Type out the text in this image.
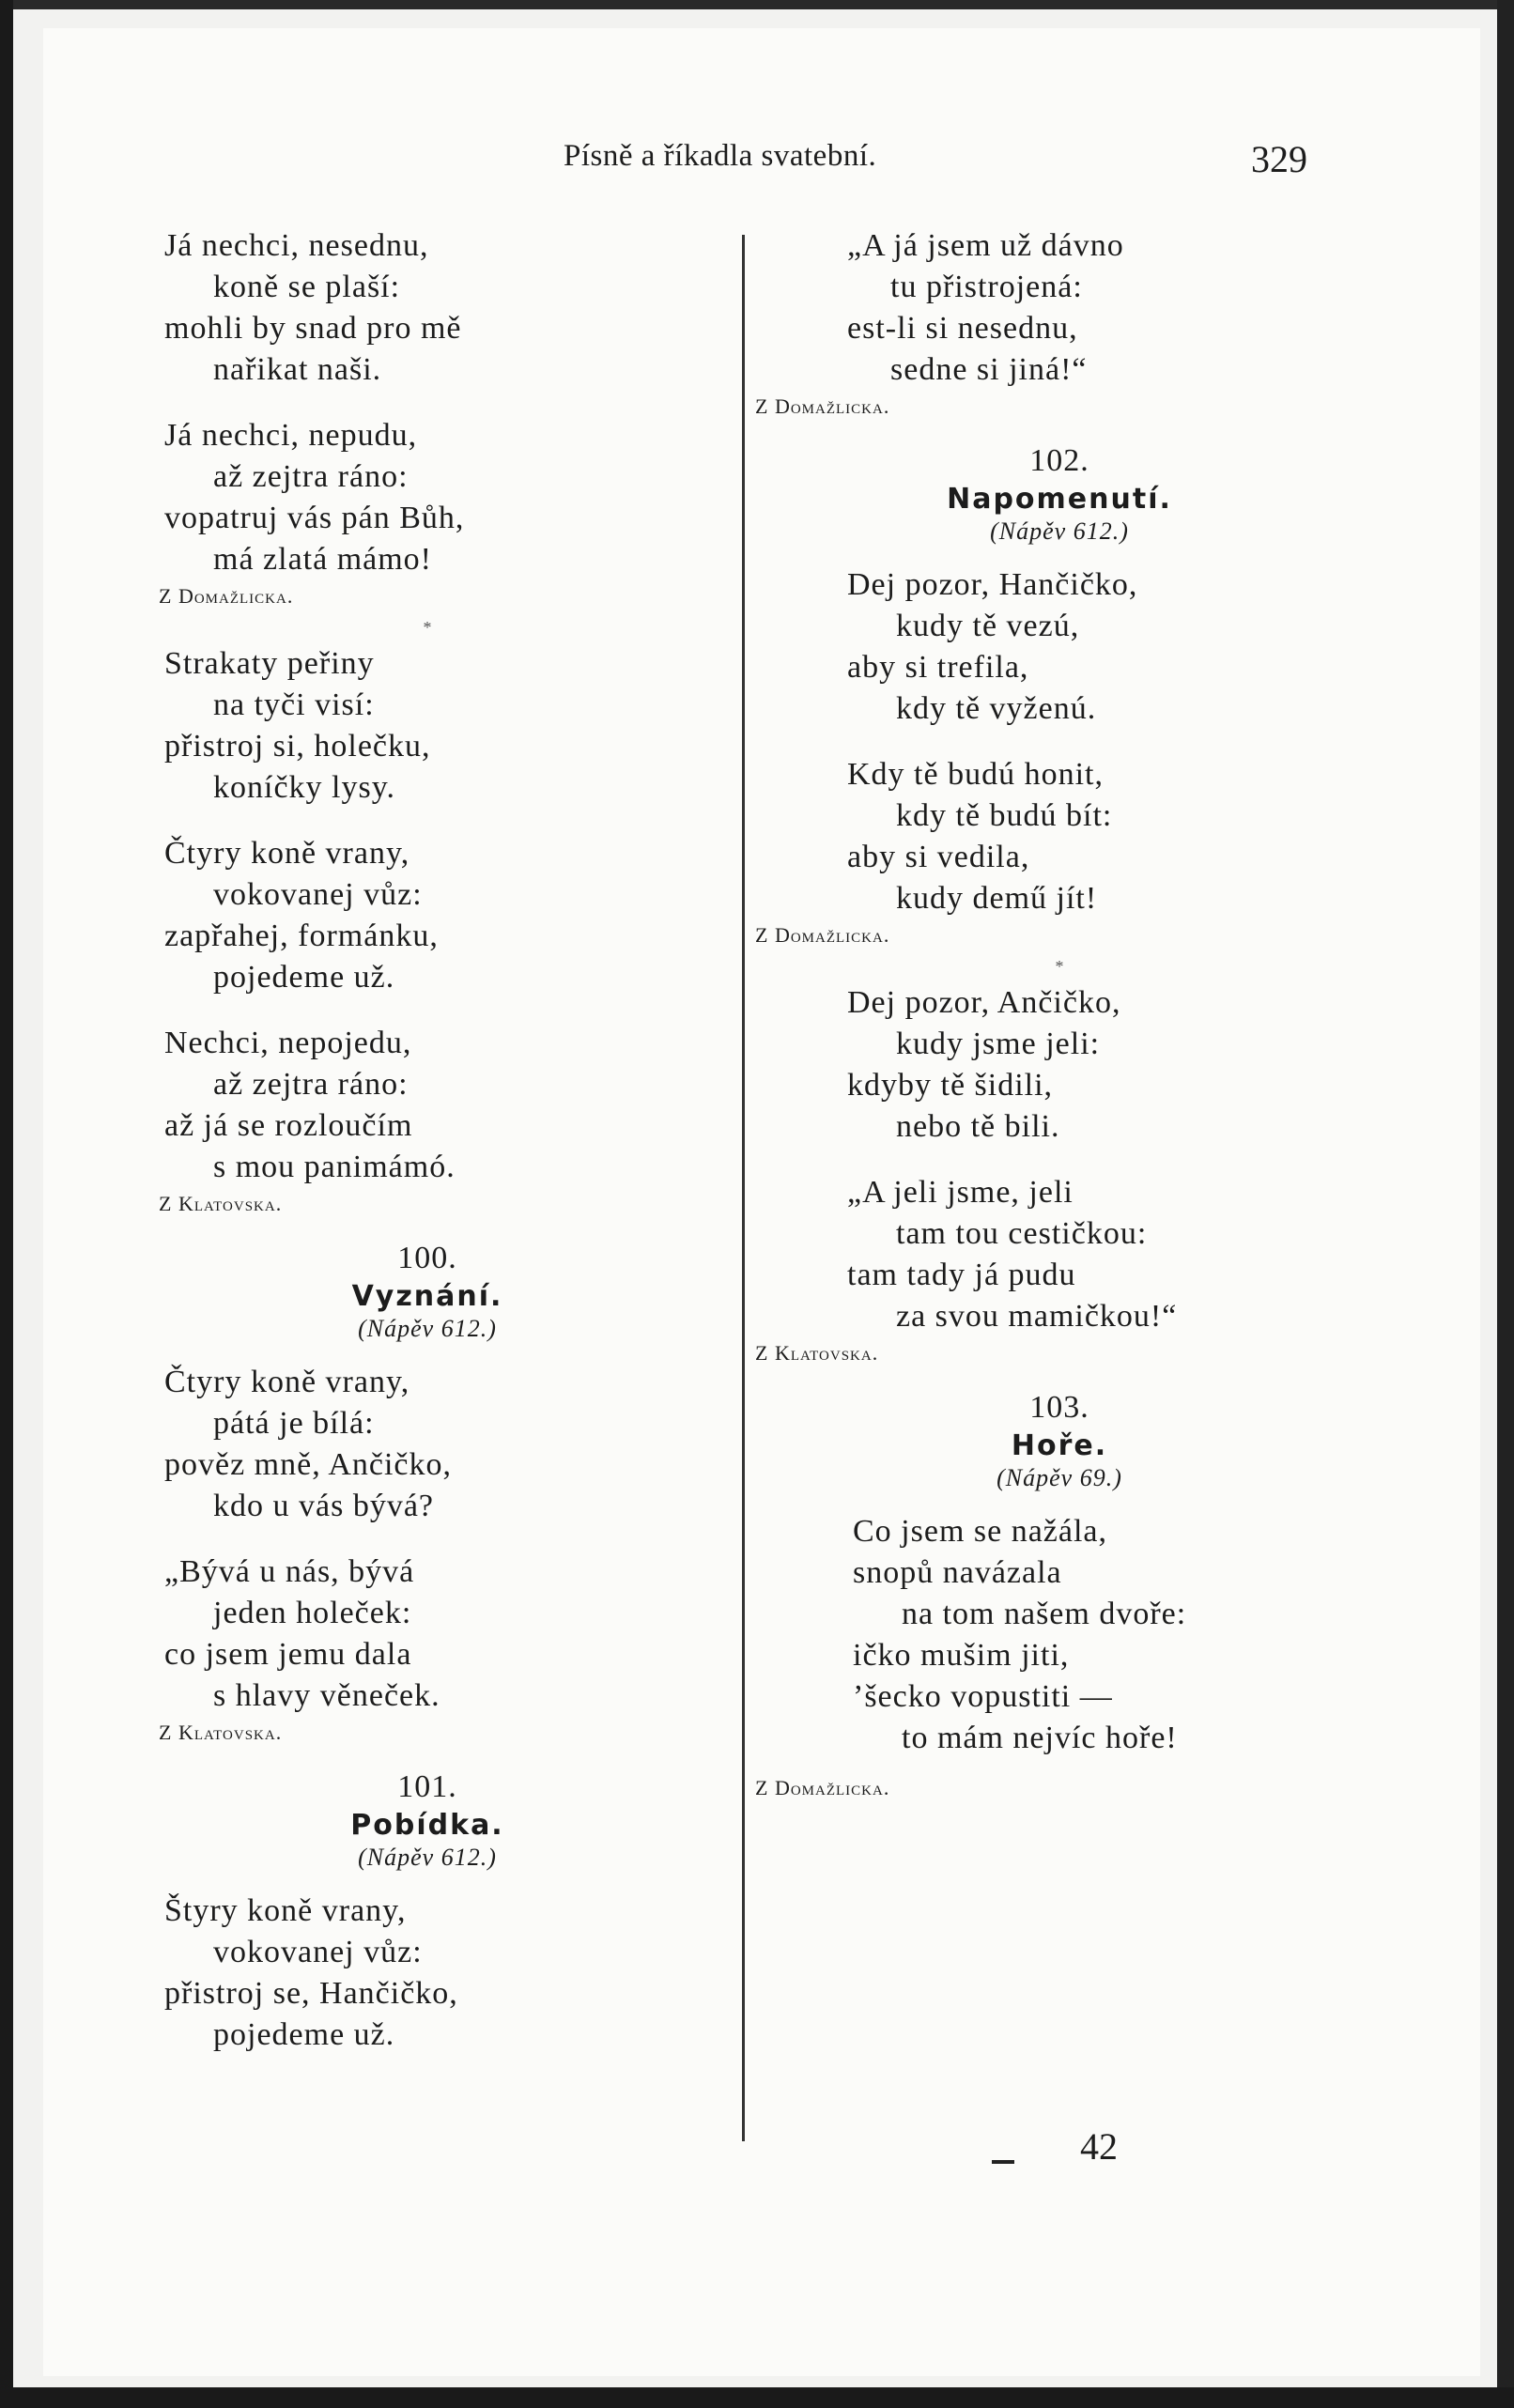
Písně a říkadla svatební.	329
Já nechci, nesednu,
koně se plaší:
mohli by snad pro mě
nařikat naši.
Já nechci, nepudu,
až zejtra ráno:
vopatruj vás pán Bůh,
má zlatá mámo!
Z Domažlicka.
*
Strakaty peřiny
na tyči visí:
přistroj si, holečku,
koníčky lysy.
Čtyry koně vrany,
vokovanej vůz:
zapřahej, formánku,
pojedeme už.
Nechci, nepojedu,
až zejtra ráno:
až já se rozloučím
s mou panimámó.
Z Klatovska.
100.
Vyznání.
(Nápěv 612.)
Čtyry koně vrany,
pátá je bílá:
pověz mně, Ančičko,
kdo u vás bývá?
„Bývá u nás, bývá
jeden holeček:
co jsem jemu dala
s hlavy věneček.
Z Klatovska.
101.
Pobídka.
(Nápěv 612.)
Štyry koně vrany,
vokovanej vůz:
přistroj se, Hančičko,
pojedeme už.
„A já jsem už dávno
tu přistrojená:
est-li si nesednu,
sedne si jiná!“
Z Domažlicka.
102.
Napomenutí.
(Nápěv 612.)
Dej pozor, Hančičko,
kudy tě vezú,
aby si trefila,
kdy tě vyženú.
Kdy tě budú honit,
kdy tě budú bít:
aby si vedila,
kudy demű jít!
Z Domažlicka.
*
Dej pozor, Ančičko,
kudy jsme jeli:
kdyby tě šidili,
nebo tě bili.
„A jeli jsme, jeli
tam tou cestičkou:
tam tady já pudu
za svou mamičkou!“
Z Klatovska.
103.
Hoře.
(Nápěv 69.)
Co jsem se nažála,
snopů navázala
na tom našem dvoře:
ičko mušim jiti,
’šecko vopustiti —
to mám nejvíc hoře!
Z Domažlicka.
42
